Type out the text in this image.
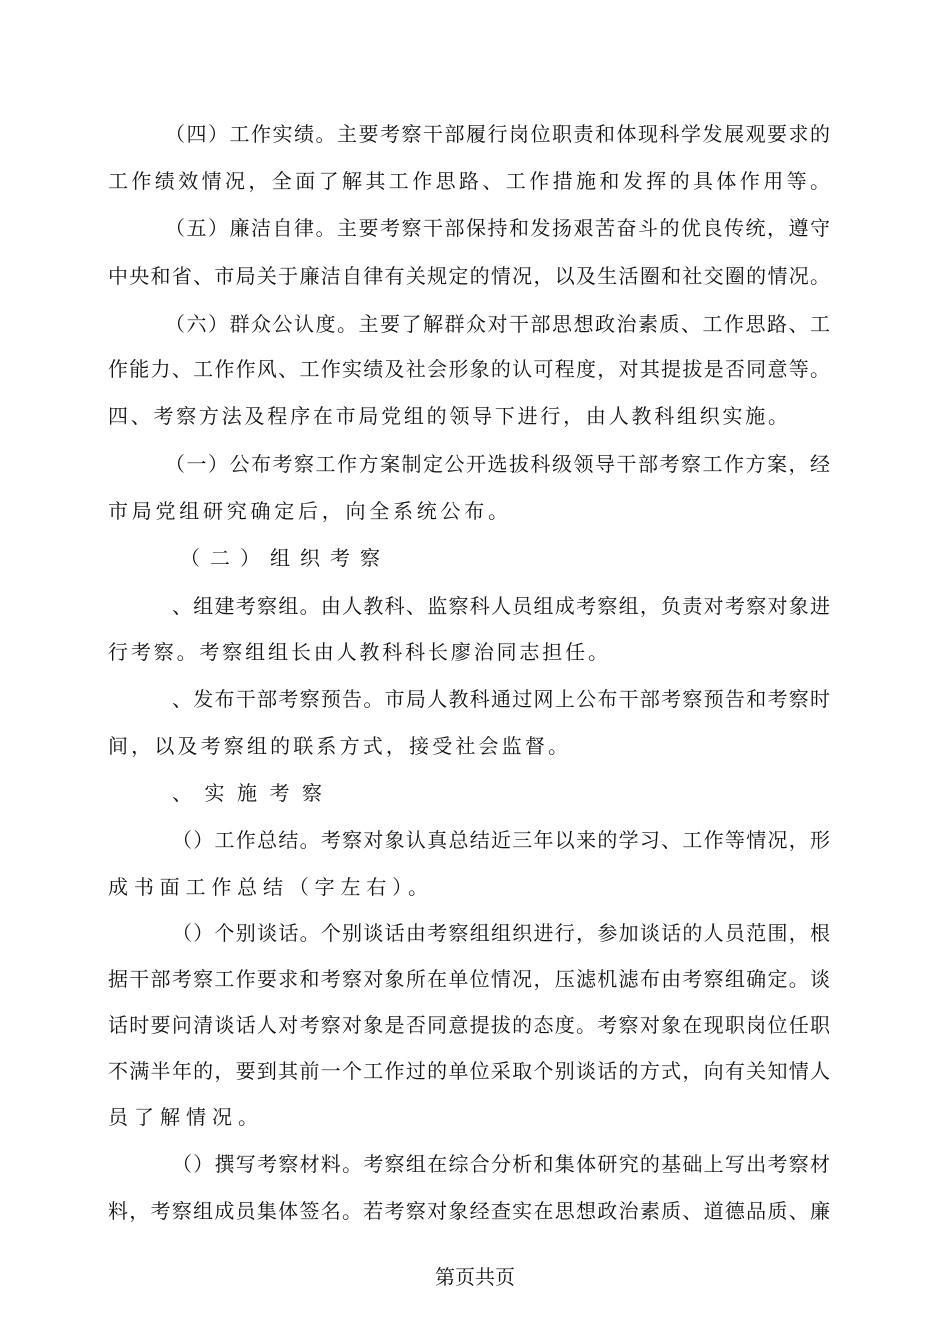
（四）工作实绩。主要考察干部履行岗位职责和体现科学发展观要求的
工作绩效情况，全面了解其工作思路、工作措施和发挥的具体作用等。
（五）廉洁自律。主要考察干部保持和发扬艰苦奋斗的优良传统，遵守
中央和省、市局关于廉洁自律有关规定的情况，以及生活圈和社交圈的情况。
（六）群众公认度。主要了解群众对干部思想政治素质、工作思路、工
作能力、工作作风、工作实绩及社会形象的认可程度，对其提拔是否同意等。
四、考察方法及程序在市局党组的领导下进行，由人教科组织实施。
（一）公布考察工作方案制定公开选拔科级领导干部考察工作方案，经
市局党组研究确定后，向全系统公布。
（二）组织考察
、组建考察组。由人教科、监察科人员组成考察组，负责对考察对象进
行考察。考察组组长由人教科科长廖治同志担任。
、发布干部考察预告。市局人教科通过网上公布干部考察预告和考察时
间，以及考察组的联系方式，接受社会监督。
、实施考察
（）工作总结。考察对象认真总结近三年以来的学习、工作等情况，形
成书面工作总结（字左右）。
（）个别谈话。个别谈话由考察组组织进行，参加谈话的人员范围，根
据干部考察工作要求和考察对象所在单位情况，压滤机滤布由考察组确定。谈
话时要问清谈话人对考察对象是否同意提拔的态度。考察对象在现职岗位任职
不满半年的，要到其前一个工作过的单位采取个别谈话的方式，向有关知情人
员了解情况。
（）撰写考察材料。考察组在综合分析和集体研究的基础上写出考察材
料，考察组成员集体签名。若考察对象经查实在思想政治素质、道德品质、廉
第页共页
